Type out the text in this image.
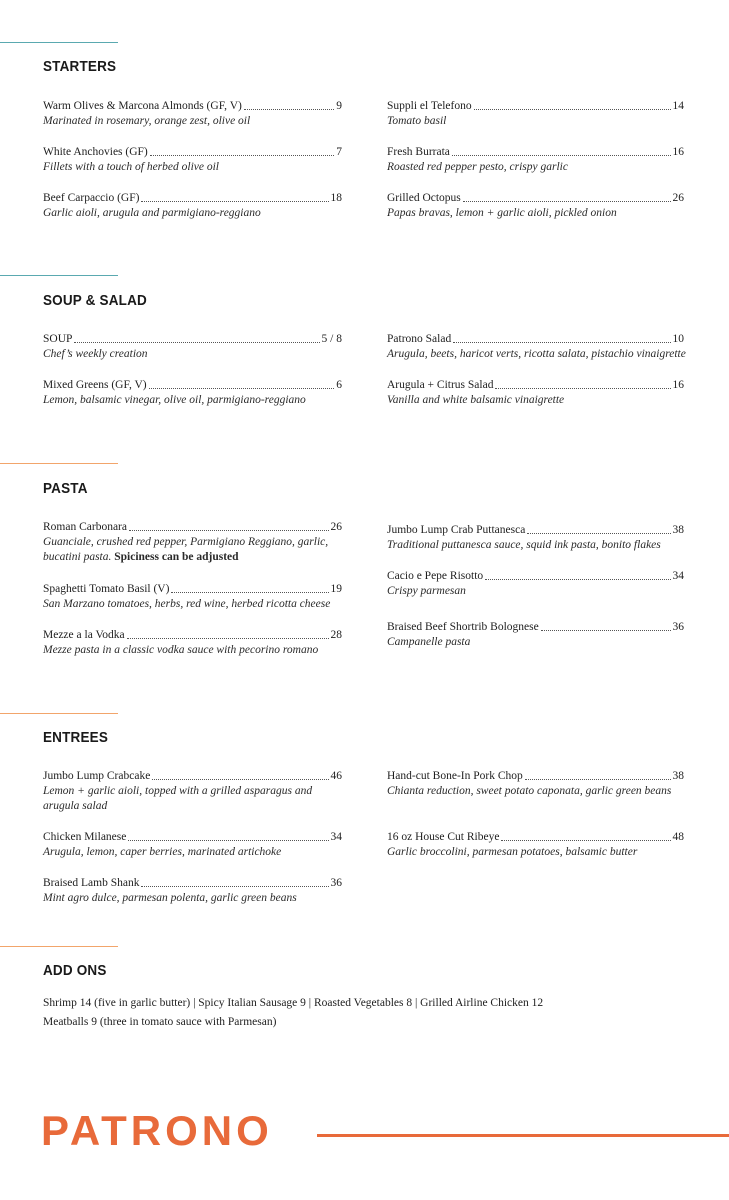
STARTERS
Warm Olives & Marcona Almonds (GF, V)	9
Marinated in rosemary, orange zest, olive oil
White Anchovies (GF)	7
Fillets with a touch of herbed olive oil
Beef Carpaccio (GF)	18
Garlic aioli, arugula and parmigiano-reggiano
Suppli el Telefono	14
Tomato basil
Fresh Burrata	16
Roasted red pepper pesto, crispy garlic
Grilled Octopus	26
Papas bravas, lemon + garlic aioli, pickled onion
SOUP & SALAD
SOUP	5 / 8
Chef’s weekly creation
Mixed Greens (GF, V)	6
Lemon, balsamic vinegar, olive oil, parmigiano-reggiano
Patrono Salad	10
Arugula, beets, haricot verts, ricotta salata, pistachio vinaigrette
Arugula + Citrus Salad	16
Vanilla and white balsamic vinaigrette
PASTA
Roman Carbonara	26
Guanciale, crushed red pepper, Parmigiano Reggiano, garlic, bucatini pasta. Spiciness can be adjusted
Spaghetti Tomato Basil (V)	19
San Marzano tomatoes, herbs, red wine, herbed ricotta cheese
Mezze a la Vodka	28
Mezze pasta in a classic vodka sauce with pecorino romano
Jumbo Lump Crab Puttanesca	38
Traditional puttanesca sauce, squid ink pasta, bonito flakes
Cacio e Pepe Risotto	34
Crispy parmesan
Braised Beef Shortrib Bolognese	36
Campanelle pasta
ENTREES
Jumbo Lump Crabcake	46
Lemon + garlic aioli, topped with a grilled asparagus and arugula salad
Chicken Milanese	34
Arugula, lemon, caper berries, marinated artichoke
Braised Lamb Shank	36
Mint agro dulce, parmesan polenta, garlic green beans
Hand-cut Bone-In Pork Chop	38
Chianta reduction, sweet potato caponata, garlic green beans
16 oz House Cut Ribeye	48
Garlic broccolini, parmesan potatoes, balsamic butter
ADD ONS
Shrimp 14 (five in garlic butter) | Spicy Italian Sausage 9 | Roasted Vegetables 8 | Grilled Airline Chicken 12
Meatballs 9 (three in tomato sauce with Parmesan)
PATRONO
